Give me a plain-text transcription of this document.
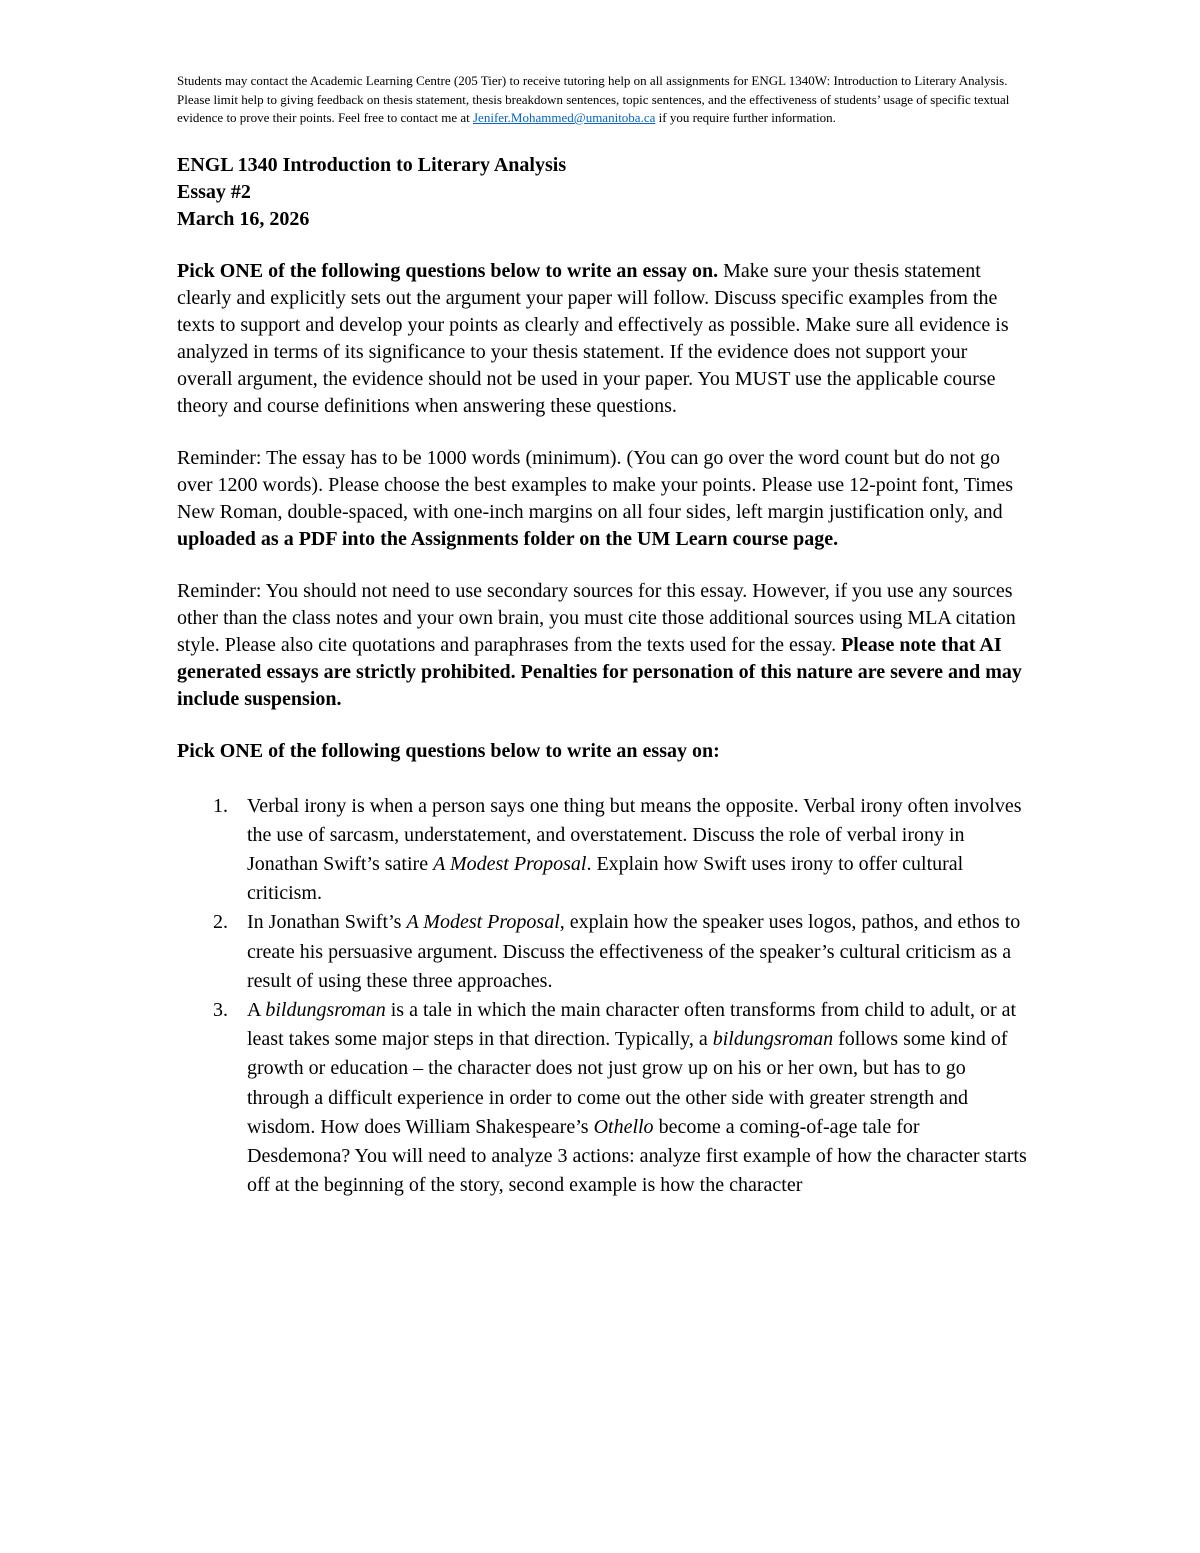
Students may contact the Academic Learning Centre (205 Tier) to receive tutoring help on all assignments for ENGL 1340W: Introduction to Literary Analysis.

Please limit help to giving feedback on thesis statement, thesis breakdown sentences, topic sentences, and the effectiveness of students’ usage of specific textual evidence to prove their points. Feel free to contact me at Jenifer.Mohammed@umanitoba.ca if you require further information.

ENGL 1340 Introduction to Literary Analysis
Essay #2
March 16, 2026

Pick ONE of the following questions below to write an essay on. Make sure your thesis statement clearly and explicitly sets out the argument your paper will follow. Discuss specific examples from the texts to support and develop your points as clearly and effectively as possible. Make sure all evidence is analyzed in terms of its significance to your thesis statement. If the evidence does not support your overall argument, the evidence should not be used in your paper. You MUST use the applicable course theory and course definitions when answering these questions.

Reminder: The essay has to be 1000 words (minimum). (You can go over the word count but do not go over 1200 words). Please choose the best examples to make your points. Please use 12-point font, Times New Roman, double-spaced, with one-inch margins on all four sides, left margin justification only, and uploaded as a PDF into the Assignments folder on the UM Learn course page.

Reminder: You should not need to use secondary sources for this essay. However, if you use any sources other than the class notes and your own brain, you must cite those additional sources using MLA citation style. Please also cite quotations and paraphrases from the texts used for the essay. Please note that AI generated essays are strictly prohibited. Penalties for personation of this nature are severe and may include suspension.

Pick ONE of the following questions below to write an essay on:

1. Verbal irony is when a person says one thing but means the opposite. Verbal irony often involves the use of sarcasm, understatement, and overstatement. Discuss the role of verbal irony in Jonathan Swift’s satire A Modest Proposal. Explain how Swift uses irony to offer cultural criticism.
2. In Jonathan Swift’s A Modest Proposal, explain how the speaker uses logos, pathos, and ethos to create his persuasive argument. Discuss the effectiveness of the speaker’s cultural criticism as a result of using these three approaches.
3. A bildungsroman is a tale in which the main character often transforms from child to adult, or at least takes some major steps in that direction. Typically, a bildungsroman follows some kind of growth or education – the character does not just grow up on his or her own, but has to go through a difficult experience in order to come out the other side with greater strength and wisdom. How does William Shakespeare’s Othello become a coming-of-age tale for Desdemona? You will need to analyze 3 actions: analyze first example of how the character starts off at the beginning of the story, second example is how the character
